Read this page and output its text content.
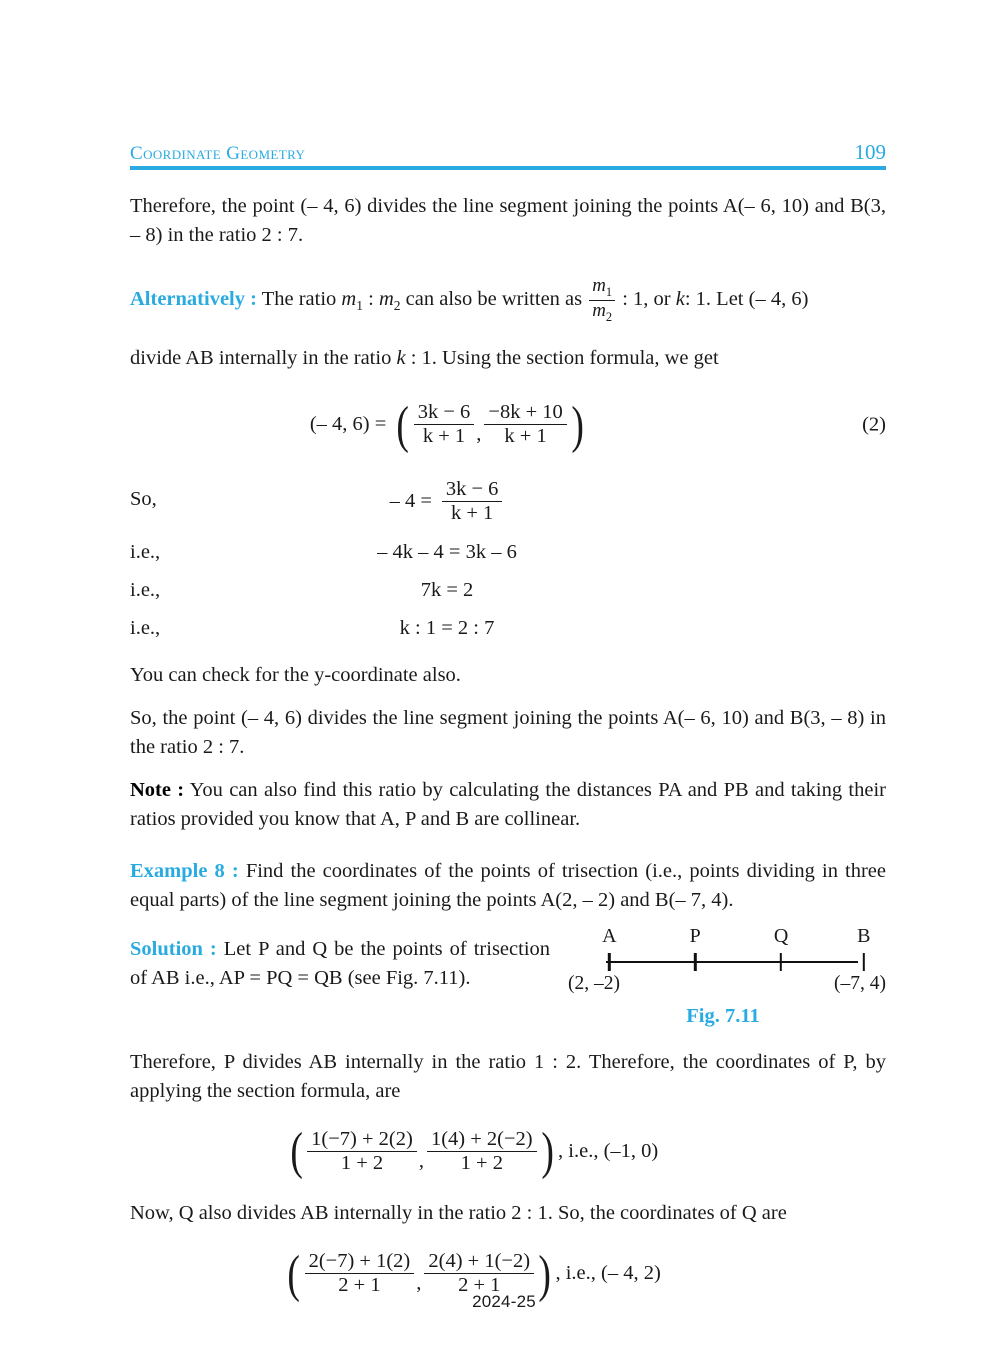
Coordinate Geometry	109

Therefore, the point (– 4, 6) divides the line segment joining the points A(– 6, 10) and B(3, – 8) in the ratio 2 : 7.

Alternatively : The ratio $m_1$ : $m_2$ can also be written as $\frac{m_1}{m_2}$ : 1, or k: 1. Let (– 4, 6)

divide AB internally in the ratio k : 1. Using the section formula, we get

(– 4, 6) = ( $\frac{3k - 6}{k + 1}$ , $\frac{-8k + 10}{k + 1}$ )	(2)
So,	– $4 = \frac{3k - 6}{k + 1}$
i.e.,	– 4k – 4 = 3k – 6
i.e.,	7k = 2
i.e.,	k : 1 = 2 : 7

You can check for the y-coordinate also.

So, the point (– 4, 6) divides the line segment joining the points A(– 6, 10) and B(3, – 8) in the ratio 2 : 7.

Note : You can also find this ratio by calculating the distances PA and PB and taking their ratios provided you know that A, P and B are collinear.

Example 8 : Find the coordinates of the points of trisection (i.e., points dividing in three equal parts) of the line segment joining the points A(2, – 2) and B(– 7, 4).

A	P	Q	B
(2, –2)	(–7, 4)
Fig. 7.11

Solution : Let P and Q be the points of trisection of AB i.e., AP = PQ = QB (see Fig. 7.11).

Therefore, P divides AB internally in the ratio 1 : 2. Therefore, the coordinates of P, by applying the section formula, are

( $\frac{1(-7) + 2(2)}{1 + 2}$ , $\frac{1(4) + 2(-2)}{1 + 2}$ ) , i.e., (–1, 0)

Now, Q also divides AB internally in the ratio 2 : 1. So, the coordinates of Q are

( $\frac{2(-7) + 1(2)}{2 + 1}$ , $\frac{2(4) + 1(-2)}{2 + 1}$ ) , i.e., (– 4, 2)
2024-25
